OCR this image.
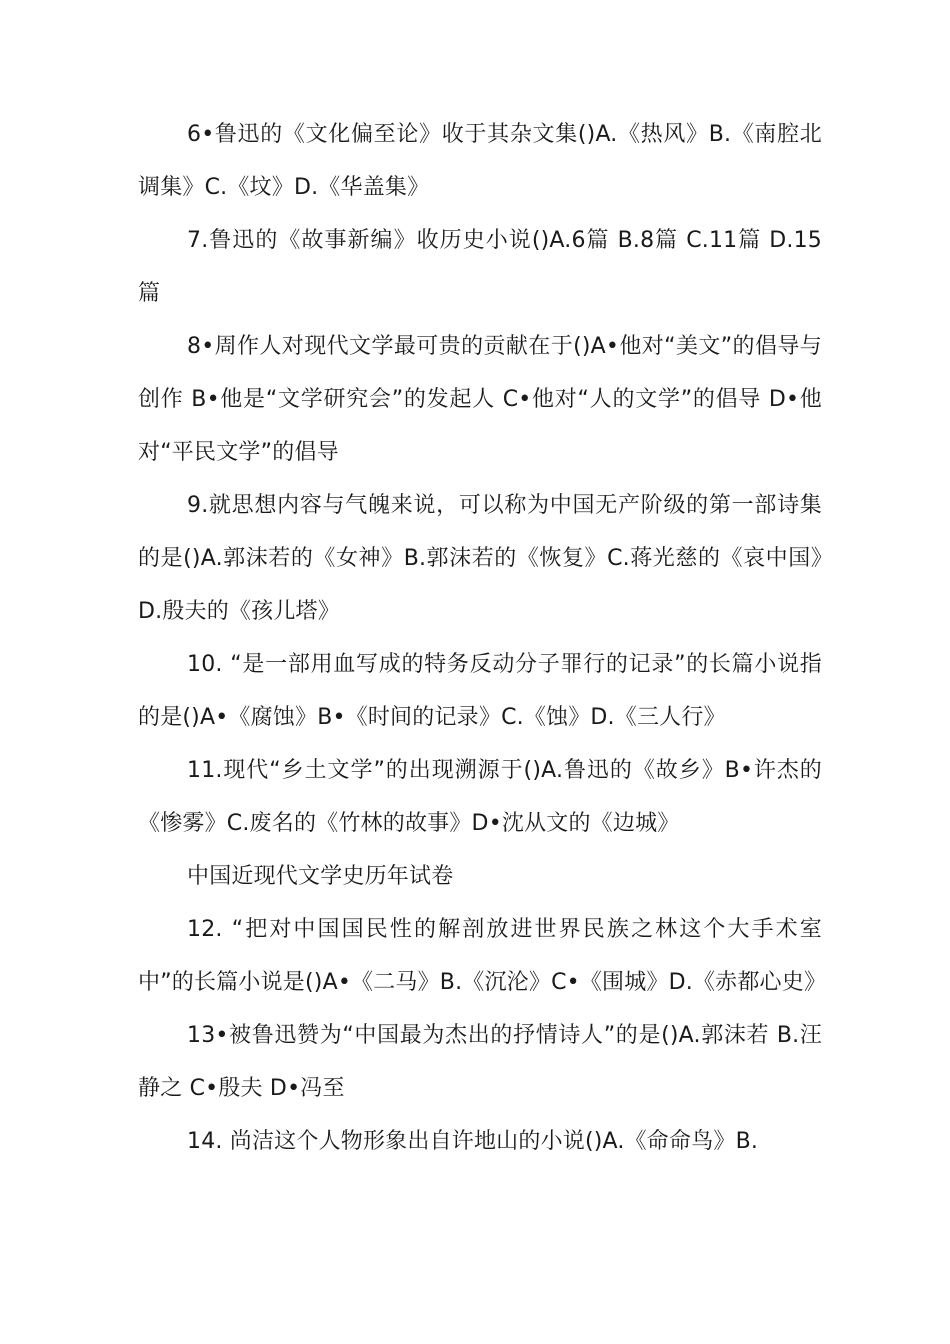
6•鲁迅的《文化偏至论》收于其杂文集()A.《热风》B.《南腔北调集》C.《坟》D.《华盖集》

7.鲁迅的《故事新编》收历史小说()A.6篇 B.8篇 C.11篇 D.15篇

8•周作人对现代文学最可贵的贡献在于()A•他对“美文”的倡导与创作 B•他是“文学研究会”的发起人 C•他对“人的文学”的倡导 D•他对“平民文学”的倡导

9.就思想内容与气魄来说，可以称为中国无产阶级的第一部诗集的是()A.郭沫若的《女神》B.郭沫若的《恢复》C.蒋光慈的《哀中国》D.殷夫的《孩儿塔》

10. “是一部用血写成的特务反动分子罪行的记录”的长篇小说指的是()A•《腐蚀》B•《时间的记录》C.《蚀》D.《三人行》

11.现代“乡土文学”的出现溯源于()A.鲁迅的《故乡》B•许杰的《惨雾》C.废名的《竹林的故事》D•沈从文的《边城》

中国近现代文学史历年试卷

12. “把对中国国民性的解剖放进世界民族之林这个大手术室中”的长篇小说是()A•《二马》B.《沉沦》C•《围城》D.《赤都心史》

13•被鲁迅赞为“中国最为杰出的抒情诗人”的是()A.郭沫若 B.汪静之 C•殷夫 D•冯至

14. 尚洁这个人物形象出自许地山的小说()A.《命命鸟》B.
